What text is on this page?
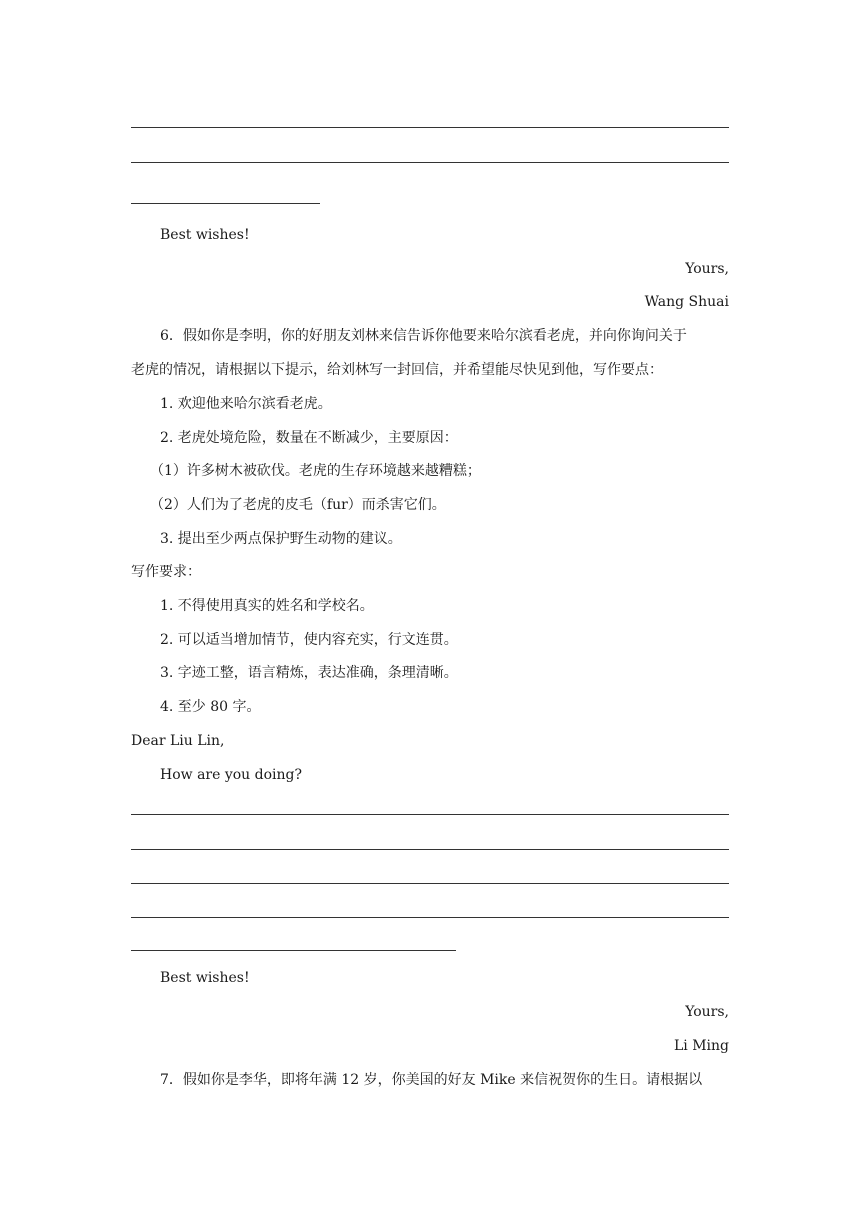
Best wishes!
Yours,
Wang Shuai
6．假如你是李明，你的好朋友刘林来信告诉你他要来哈尔滨看老虎，并向你询问关于
老虎的情况，请根据以下提示，给刘林写一封回信，并希望能尽快见到他，写作要点：
1. 欢迎他来哈尔滨看老虎。
2. 老虎处境危险，数量在不断减少，主要原因：
（1）许多树木被砍伐。老虎的生存环境越来越糟糕；
（2）人们为了老虎的皮毛（fur）而杀害它们。
3. 提出至少两点保护野生动物的建议。
写作要求：
1. 不得使用真实的姓名和学校名。
2. 可以适当增加情节，使内容充实，行文连贯。
3. 字迹工整，语言精炼，表达准确，条理清晰。
4. 至少 80 字。
Dear Liu Lin,
How are you doing?
Best wishes!
Yours,
Li Ming
7．假如你是李华，即将年满 12 岁，你美国的好友 Mike 来信祝贺你的生日。请根据以
